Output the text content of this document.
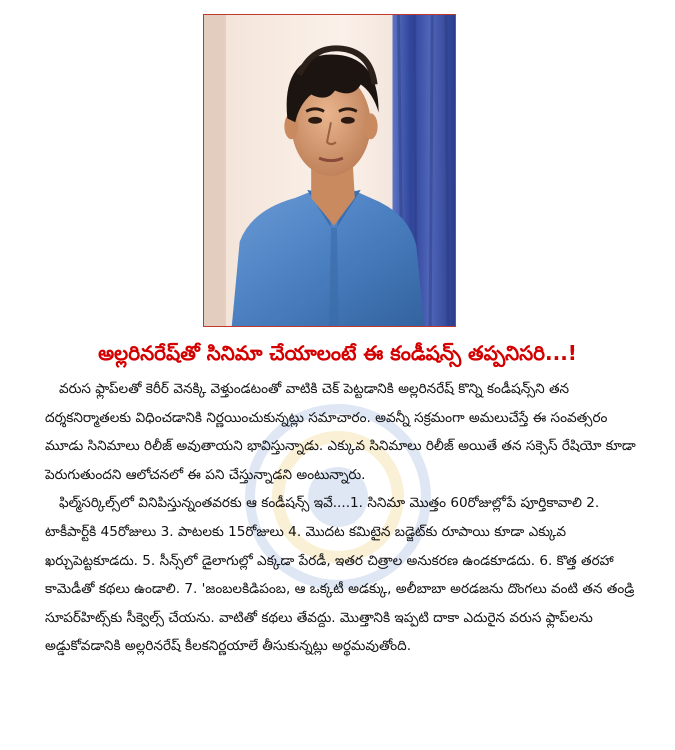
అల్లరినరేష్‌తో సినిమా చేయాలంటే ఈ కండీషన్స్ తప్పనిసరి...!

వరుస ఫ్లాప్‌లతో కెరీర్ వెనక్కి వెళ్తుండటంతో వాటికి చెక్ పెట్టడానికి అల్లరినరేష్ కొన్ని కండీషన్స్‌ని తన దర్శకనిర్మాతలకు విధించడానికి నిర్ణయించుకున్నట్లు సమాచారం. అవన్నీ సక్రమంగా అమలుచేస్తే ఈ సంవత్సరం మూడు సినిమాలు రిలీజ్ అవుతాయని భావిస్తున్నాడు. ఎక్కువ సినిమాలు రిలీజ్ అయితే తన సక్సెస్ రేషియో కూడా పెరుగుతుందని ఆలోచనలో ఈ పని చేస్తున్నాడని అంటున్నారు.

ఫిల్మ్‌సర్కిల్స్‌లో వినిపిస్తున్నంతవరకు ఆ కండీషన్స్ ఇవే....1. సినిమా మొత్తం 60రోజుల్లోపే పూర్తికావాలి 2. టాకీపార్ట్‌కి 45రోజులు 3. పాటలకు 15రోజులు 4. మొదట కమిటైన బడ్జెట్‌కు రూపాయి కూడా ఎక్కువ ఖర్చుపెట్టకూడదు. 5. సీన్స్‌లో డైలాగుల్లో ఎక్కడా పేరడీ, ఇతర చిత్రాల అనుకరణ ఉండకూడదు. 6. కొత్త తరహా కామెడీతో కథలు ఉండాలి. 7. 'జంబలకిడిపంబ, ఆ ఒక్కటీ అడక్కు, అలీబాబా అరడజను దొంగలు వంటి తన తండ్రి సూపర్‌హిట్స్‌కు సీక్వెల్స్ చేయను. వాటితో కథలు తేవద్దు. మొత్తానికి ఇప్పటి దాకా ఎదురైన వరుస ఫ్లాప్‌లను అడ్డుకోవడానికి అల్లరినరేష్ కీలకనిర్ణయాలే తీసుకున్నట్లు అర్థమవుతోంది.
